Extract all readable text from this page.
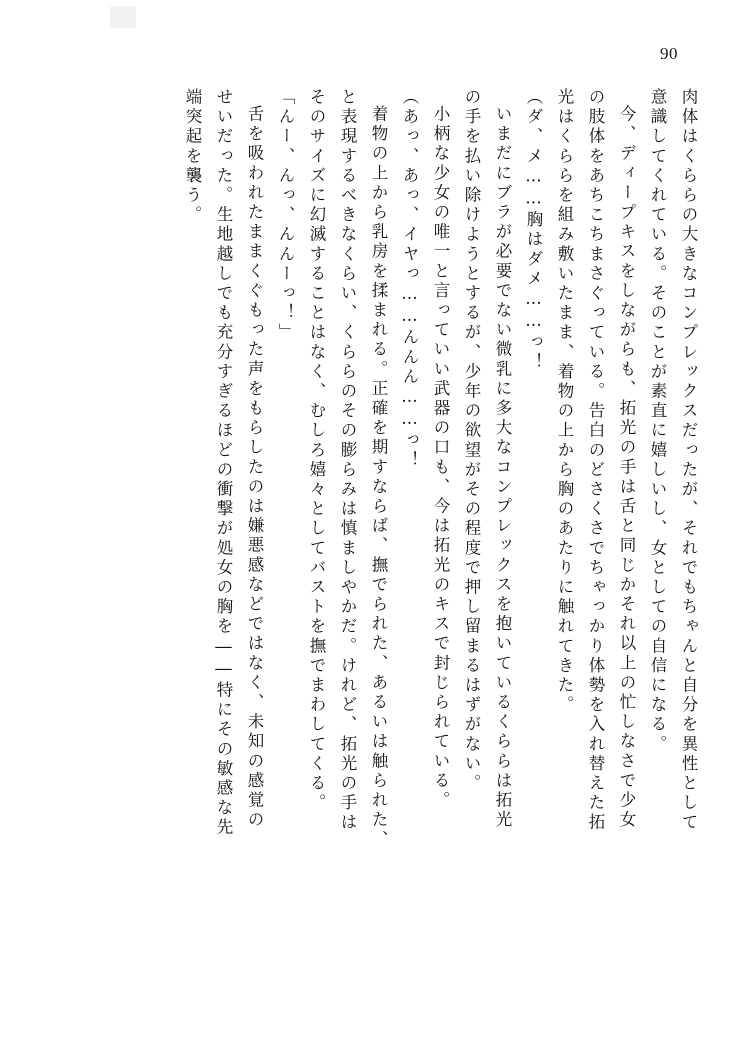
90
肉体はくららの大きなコンプレックスだったが、それでもちゃんと自分を異性として
意識してくれている。そのことが素直に嬉しいし、女としての自信になる。
今、ディープキスをしながらも、拓光の手は舌と同じかそれ以上の忙しなさで少女
の肢体をあちこちまさぐっている。告白のどさくさでちゃっかり体勢を入れ替えた拓
光はくららを組み敷いたまま、着物の上から胸のあたりに触れてきた。
（ダ、メ……胸はダメ……っ！
いまだにブラが必要でない微乳に多大なコンプレックスを抱いているくららは拓光
の手を払い除けようとするが、少年の欲望がその程度で押し留まるはずがない。
小柄な少女の唯一と言っていい武器の口も、今は拓光のキスで封じられている。
（あっ、あっ、イヤっ……んんん……っ！
着物の上から乳房を揉まれる。正確を期すならば、撫でられた、あるいは触られた、
と表現するべきなくらい、くららのその膨らみは慎ましやかだ。けれど、拓光の手は
そのサイズに幻滅することはなく、むしろ嬉々としてバストを撫でまわしてくる。
「んー、んっ、んんーっ！」
舌を吸われたままくぐもった声をもらしたのは嫌悪感などではなく、未知の感覚の
せいだった。生地越しでも充分すぎるほどの衝撃が処女の胸を――特にその敏感な先
端突起を襲う。
